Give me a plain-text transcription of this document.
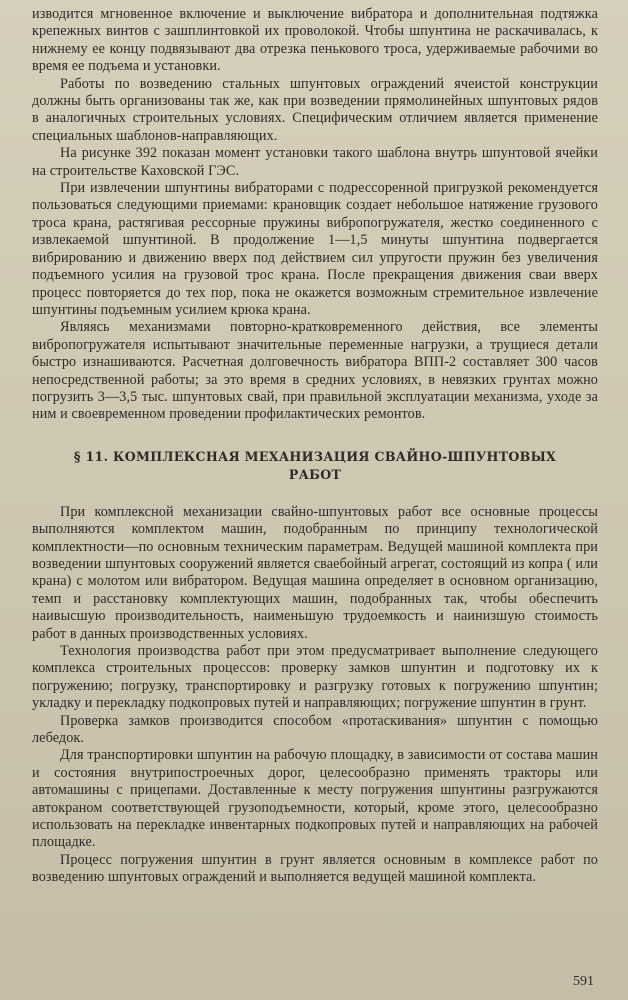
изводится мгновенное включение и выключение вибратора и дополнительная подтяжка крепежных винтов с зашплинтовкой их проволокой. Чтобы шпунтина не раскачивалась, к нижнему ее концу подвязывают два отрезка пенькового троса, удерживаемые рабочими во время ее подъема и установки.

Работы по возведению стальных шпунтовых ограждений ячеистой конструкции должны быть организованы так же, как при возведении прямолинейных шпунтовых рядов в аналогичных строительных условиях. Специфическим отличием является применение специальных шаблонов-направляющих.

На рисунке 392 показан момент установки такого шаблона внутрь шпунтовой ячейки на строительстве Каховской ГЭС.

При извлечении шпунтины вибраторами с подрессоренной пригрузкой рекомендуется пользоваться следующими приемами: крановщик создает небольшое натяжение грузового троса крана, растягивая рессорные пружины вибропогружателя, жестко соединенного с извлекаемой шпунтиной. В продолжение 1—1,5 минуты шпунтина подвергается вибрированию и движению вверх под действием сил упругости пружин без увеличения подъемного усилия на грузовой трос крана. После прекращения движения сваи вверх процесс повторяется до тех пор, пока не окажется возможным стремительное извлечение шпунтины подъемным усилием крюка крана.

Являясь механизмами повторно-кратковременного действия, все элементы вибропогружателя испытывают значительные переменные нагрузки, а трущиеся детали быстро изнашиваются. Расчетная долговечность вибратора ВПП-2 составляет 300 часов непосредственной работы; за это время в средних условиях, в невязких грунтах можно погрузить 3—3,5 тыс. шпунтовых свай, при правильной эксплуатации механизма, уходе за ним и своевременном проведении профилактических ремонтов.

§ 11. КОМПЛЕКСНАЯ МЕХАНИЗАЦИЯ СВАЙНО-ШПУНТОВЫХ
РАБОТ

При комплексной механизации свайно-шпунтовых работ все основные процессы выполняются комплектом машин, подобранным по принципу технологической комплектности—по основным техническим параметрам. Ведущей машиной комплекта при возведении шпунтовых сооружений является сваебойный агрегат, состоящий из копра ( или крана) с молотом или вибратором. Ведущая машина определяет в основном организацию, темп и расстановку комплектующих машин, подобранных так, чтобы обеспечить наивысшую производительность, наименьшую трудоемкость и наинизшую стоимость работ в данных производственных условиях.

Технология производства работ при этом предусматривает выполнение следующего комплекса строительных процессов: проверку замков шпунтин и подготовку их к погружению; погрузку, транспортировку и разгрузку готовых к погружению шпунтин; укладку и перекладку подкопровых путей и направляющих; погружение шпунтин в грунт.

Проверка замков производится способом «протаскивания» шпунтин с помощью лебедок.

Для транспортировки шпунтин на рабочую площадку, в зависимости от состава машин и состояния внутрипостроечных дорог, целесообразно применять тракторы или автомашины с прицепами. Доставленные к месту погружения шпунтины разгружаются автокраном соответствующей грузоподъемности, который, кроме этого, целесообразно использовать на перекладке инвентарных подкопровых путей и направляющих на рабочей площадке.

Процесс погружения шпунтин в грунт является основным в комплексе работ по возведению шпунтовых ограждений и выполняется ведущей машиной комплекта.

591
